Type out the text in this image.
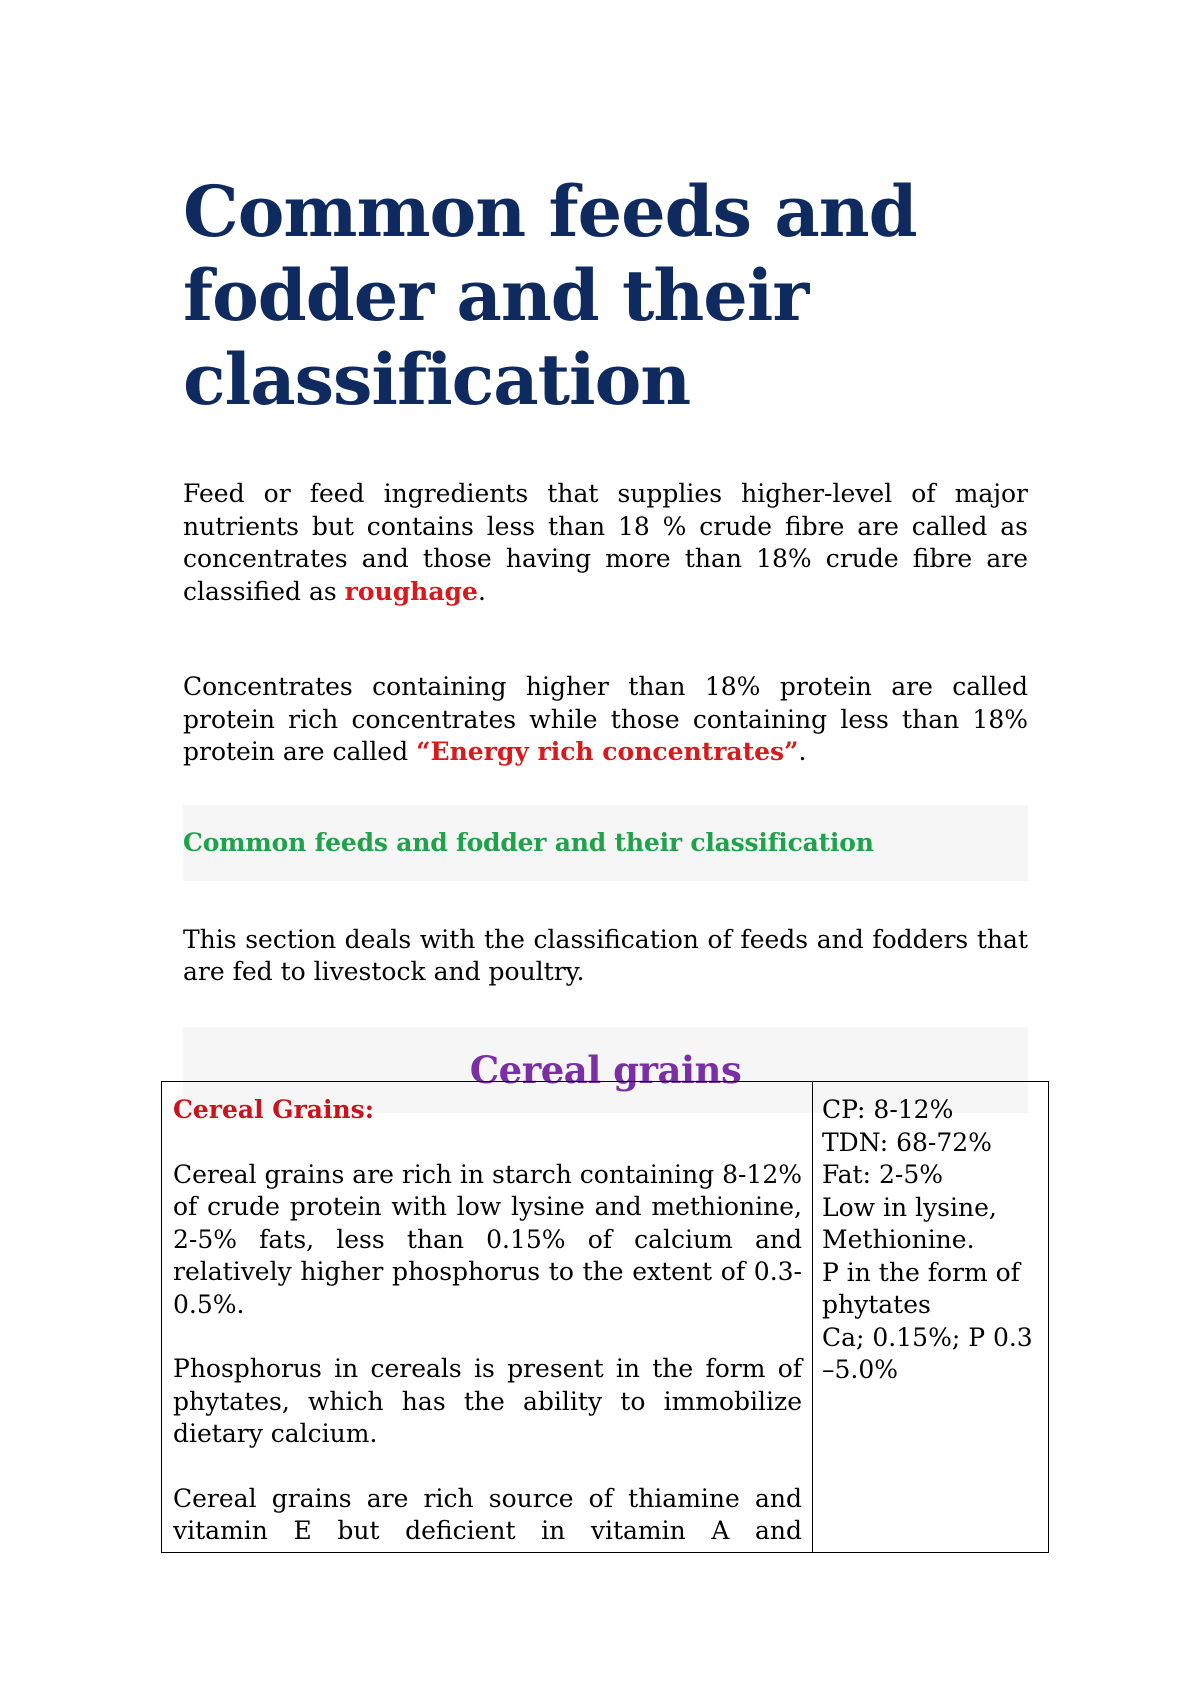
Common feeds and fodder and their classification

Feed or feed ingredients that supplies higher-level of major nutrients but contains less than 18 % crude fibre are called as concentrates and those having more than 18% crude fibre are classified as roughage.

Concentrates containing higher than 18% protein are called protein rich concentrates while those containing less than 18% protein are called “Energy rich concentrates”.

Common feeds and fodder and their classification

This section deals with the classification of feeds and fodders that are fed to livestock and poultry.

Cereal grains

Cereal Grains:

Cereal grains are rich in starch containing 8-12% of crude protein with low lysine and methionine, 2-5% fats, less than 0.15% of calcium and relatively higher phosphorus to the extent of 0.3-0.5%.

Phosphorus in cereals is present in the form of phytates, which has the ability to immobilize dietary calcium.

Cereal grains are rich source of thiamine and vitamin E but deficient in vitamin A and

CP: 8-12%

TDN: 68-72%

Fat: 2-5%

Low in lysine,

Methionine.

P in the form of

phytates

Ca; 0.15%; P 0.3

–5.0%
